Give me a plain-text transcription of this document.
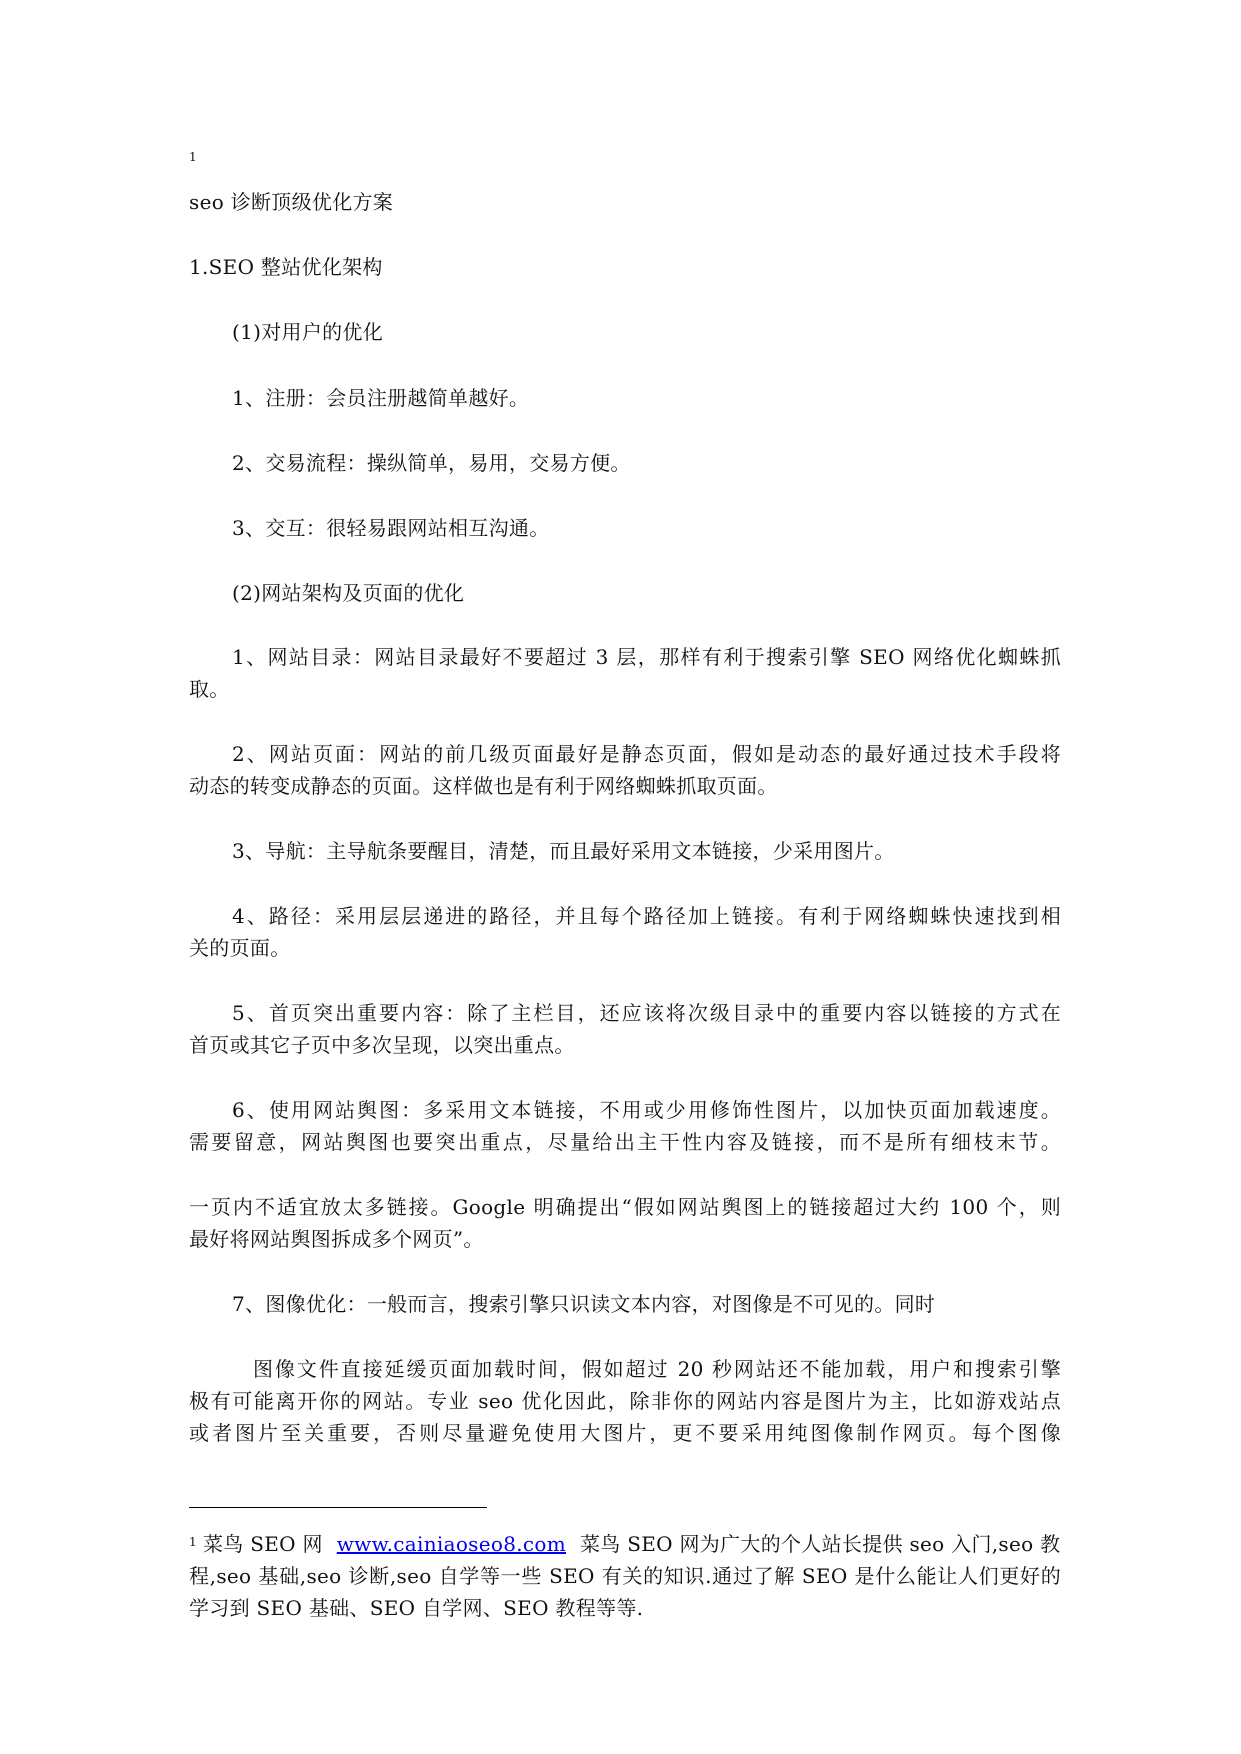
1
seo 诊断顶级优化方案
1.SEO 整站优化架构
(1)对用户的优化
1、注册：会员注册越简单越好。
2、交易流程：操纵简单，易用，交易方便。
3、交互：很轻易跟网站相互沟通。
(2)网站架构及页面的优化
1、网站目录：网站目录最好不要超过 3 层，那样有利于搜索引擎 SEO 网络优化蜘蛛抓
取。
2、网站页面：网站的前几级页面最好是静态页面，假如是动态的最好通过技术手段将
动态的转变成静态的页面。这样做也是有利于网络蜘蛛抓取页面。
3、导航：主导航条要醒目，清楚，而且最好采用文本链接，少采用图片。
4、路径：采用层层递进的路径，并且每个路径加上链接。有利于网络蜘蛛快速找到相
关的页面。
5、首页突出重要内容：除了主栏目，还应该将次级目录中的重要内容以链接的方式在
首页或其它子页中多次呈现，以突出重点。
6、使用网站舆图：多采用文本链接，不用或少用修饰性图片，以加快页面加载速度。
需要留意，网站舆图也要突出重点，尽量给出主干性内容及链接，而不是所有细枝末节。
一页内不适宜放太多链接。Google 明确提出“假如网站舆图上的链接超过大约 100 个，则
最好将网站舆图拆成多个网页”。
7、图像优化：一般而言，搜索引擎只识读文本内容，对图像是不可见的。同时
图像文件直接延缓页面加载时间，假如超过 20 秒网站还不能加载，用户和搜索引擎
极有可能离开你的网站。专业 seo 优化因此，除非你的网站内容是图片为主，比如游戏站点
或者图片至关重要，否则尽量避免使用大图片，更不要采用纯图像制作网页。每个图像
$^1$ 菜鸟 SEO 网 www.cainiaoseo8.com 菜鸟 SEO 网为广大的个人站长提供 seo 入门,seo 教
程,seo 基础,seo 诊断,seo 自学等一些 SEO 有关的知识.通过了解 SEO 是什么能让人们更好的
学习到 SEO 基础、SEO 自学网、SEO 教程等等.
